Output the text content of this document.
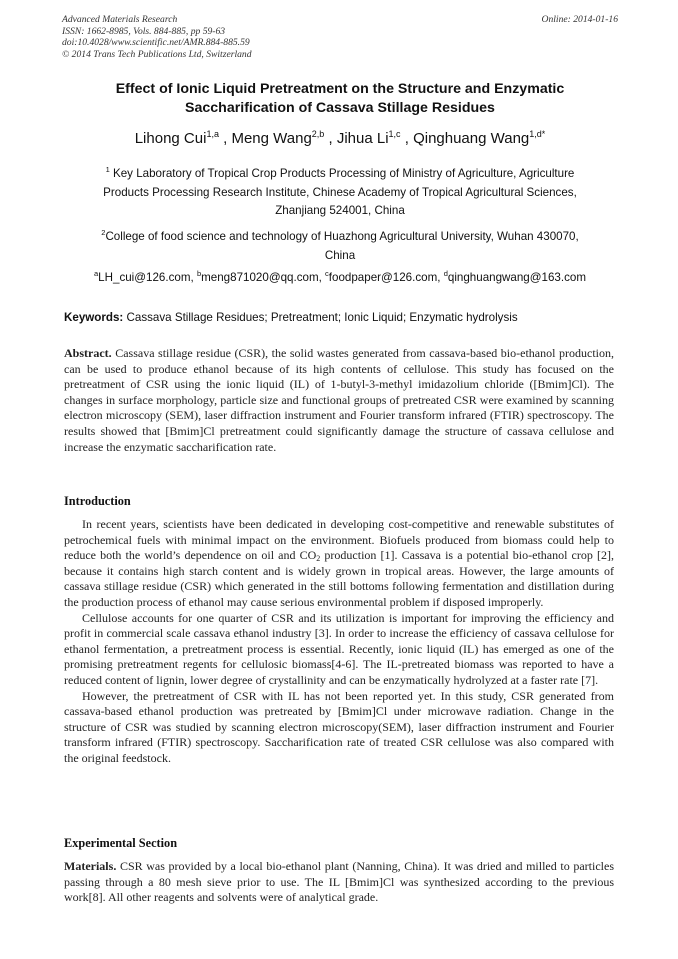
Advanced Materials Research
ISSN: 1662-8985, Vols. 884-885, pp 59-63
doi:10.4028/www.scientific.net/AMR.884-885.59
© 2014 Trans Tech Publications Ltd, Switzerland
Online: 2014-01-16
Effect of Ionic Liquid Pretreatment on the Structure and Enzymatic
Saccharification of Cassava Stillage Residues
Lihong Cui$^{1,a}$ , Meng Wang$^{2,b}$ , Jihua Li$^{1,c}$ , Qinghuang Wang$^{1,d*}$
$^1$ Key Laboratory of Tropical Crop Products Processing of Ministry of Agriculture, Agriculture
Products Processing Research Institute, Chinese Academy of Tropical Agricultural Sciences,
Zhanjiang 524001, China
$^2$College of food science and technology of Huazhong Agricultural University, Wuhan 430070,
China
$^a$LH_cui@126.com, $^b$meng871020@qq.com, $^c$foodpaper@126.com, $^d$qinghuangwang@163.com
Keywords: Cassava Stillage Residues; Pretreatment; Ionic Liquid; Enzymatic hydrolysis
Abstract. Cassava stillage residue (CSR), the solid wastes generated from cassava-based bio-ethanol production, can be used to produce ethanol because of its high contents of cellulose. This study has focused on the pretreatment of CSR using the ionic liquid (IL) of 1-butyl-3-methyl imidazolium chloride ([Bmim]Cl). The changes in surface morphology, particle size and functional groups of pretreated CSR were examined by scanning electron microscopy (SEM), laser diffraction instrument and Fourier transform infrared (FTIR) spectroscopy. The results showed that [Bmim]Cl pretreatment could significantly damage the structure of cassava cellulose and increase the enzymatic saccharification rate.
Introduction

In recent years, scientists have been dedicated in developing cost-competitive and renewable substitutes of petrochemical fuels with minimal impact on the environment. Biofuels produced from biomass could help to reduce both the world’s dependence on oil and $CO_2$ production [1]. Cassava is a potential bio-ethanol crop [2], because it contains high starch content and is widely grown in tropical areas. However, the large amounts of cassava stillage residue (CSR) which generated in the still bottoms following fermentation and distillation during the production process of ethanol may cause serious environmental problem if disposed improperly.

Cellulose accounts for one quarter of CSR and its utilization is important for improving the efficiency and profit in commercial scale cassava ethanol industry [3]. In order to increase the efficiency of cassava cellulose for ethanol fermentation, a pretreatment process is essential. Recently, ionic liquid (IL) has emerged as one of the promising pretreatment regents for cellulosic biomass[4-6]. The IL-pretreated biomass was reported to have a reduced content of lignin, lower degree of crystallinity and can be enzymatically hydrolyzed at a faster rate [7].

However, the pretreatment of CSR with IL has not been reported yet. In this study, CSR generated from cassava-based ethanol production was pretreated by [Bmim]Cl under microwave radiation. Change in the structure of CSR was studied by scanning electron microscopy(SEM), laser diffraction instrument and Fourier transform infrared (FTIR) spectroscopy. Saccharification rate of treated CSR cellulose was also compared with the original feedstock.

Experimental Section
Materials. CSR was provided by a local bio-ethanol plant (Nanning, China). It was dried and milled to particles passing through a 80 mesh sieve prior to use. The IL [Bmim]Cl was synthesized according to the previous work[8]. All other reagents and solvents were of analytical grade.
